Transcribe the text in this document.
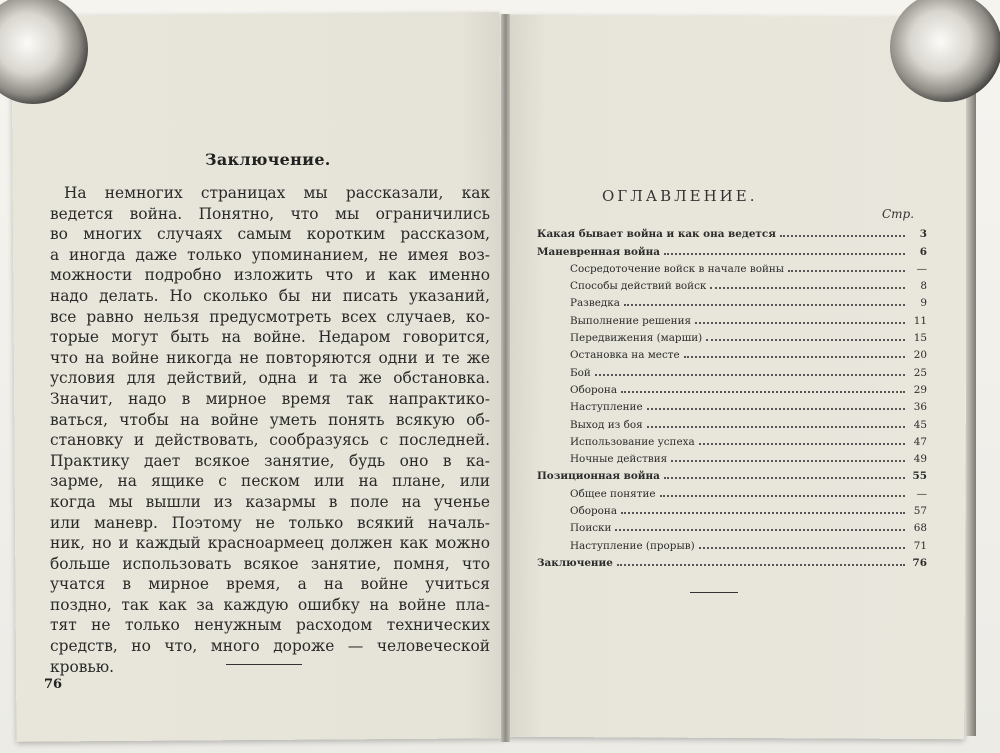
Заключение.
На немногих страницах мы рассказали, как
ведется война. Понятно, что мы ограничились
во многих случаях самым коротким рассказом,
а иногда даже только упоминанием, не имея воз-
можности подробно изложить что и как именно
надо делать. Но сколько бы ни писать указаний,
все равно нельзя предусмотреть всех случаев, ко-
торые могут быть на войне. Недаром говорится,
что на войне никогда не повторяются одни и те же
условия для действий, одна и та же обстановка.
Значит, надо в мирное время так напрактико-
ваться, чтобы на войне уметь понять всякую об-
становку и действовать, сообразуясь с последней.
Практику дает всякое занятие, будь оно в ка-
зарме, на ящике с песком или на плане, или
когда мы вышли из казармы в поле на ученье
или маневр. Поэтому не только всякий началь-
ник, но и каждый красноармеец должен как можно
больше использовать всякое занятие, помня, что
учатся в мирное время, а на войне учиться
поздно, так как за каждую ошибку на войне пла-
тят не только ненужным расходом технических
средств, но что, много дороже — человеческой
кровью.
76
ОГЛАВЛЕНИЕ.
Стр.
Какая бывает война и как она ведется	3
Маневренная война	6
Сосредоточение войск в начале войны	—
Способы действий войск	8
Разведка	9
Выполнение решения	11
Передвижения (марши)	15
Остановка на месте	20
Бой	25
Оборона	29
Наступление	36
Выход из боя	45
Использование успеха	47
Ночные действия	49
Позиционная война	55
Общее понятие	—
Оборона	57
Поиски	68
Наступление (прорыв)	71
Заключение	76
